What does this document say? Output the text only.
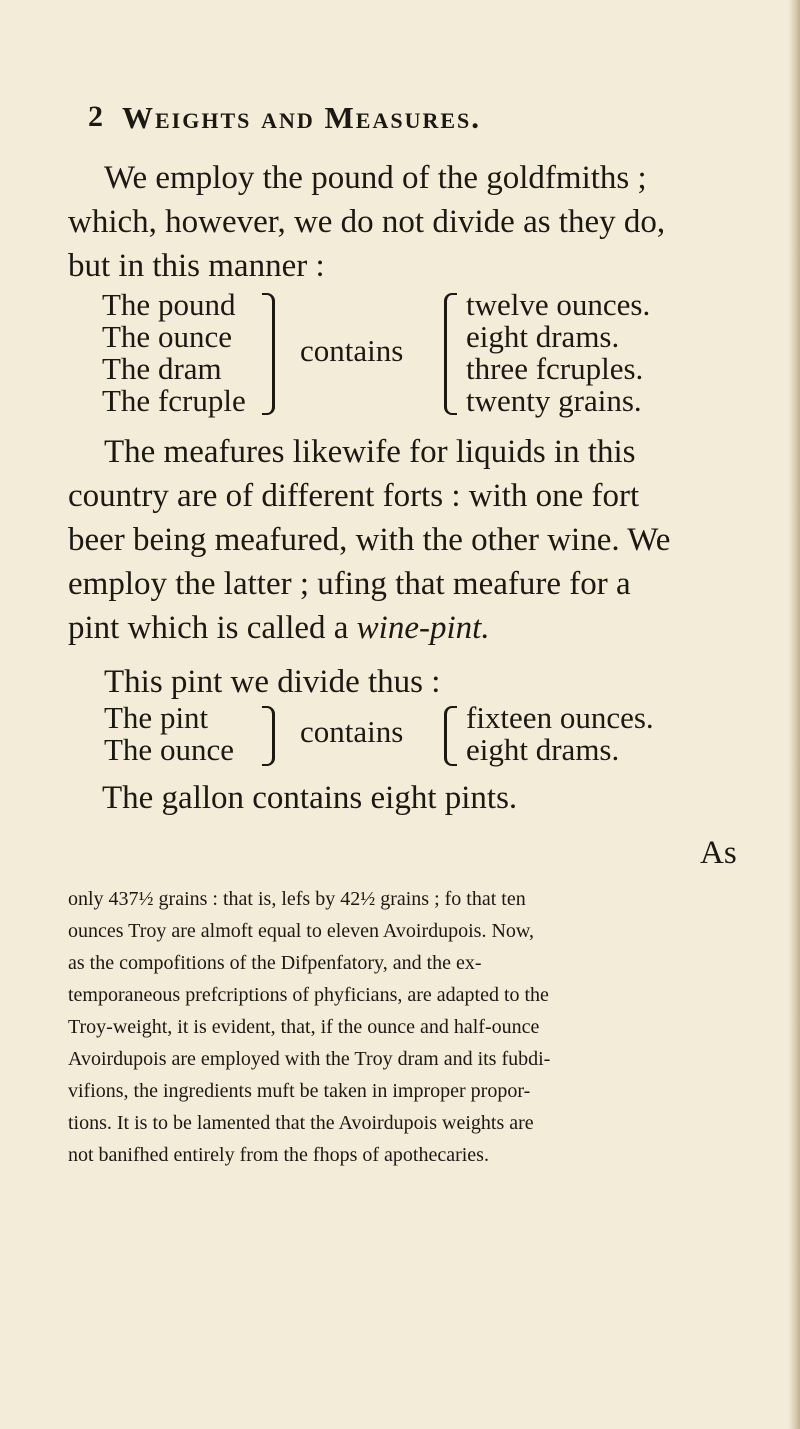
2 Weights and Measures.
We employ the pound of the goldfmiths ;
which, however, we do not divide as they do,
but in this manner :
The pound
The ounce
The dram
The fcruple
contains
twelve ounces.
eight drams.
three fcruples.
twenty grains.
The meafures likewife for liquids in this
country are of different forts : with one fort
beer being meafured, with the other wine. We
employ the latter ; ufing that meafure for a
pint which is called a wine-pint.
This pint we divide thus :
The pint
The ounce
contains fixteen ounces.
eight drams.
The gallon contains eight pints.
As
only 437½ grains : that is, lefs by 42½ grains ; fo that ten
ounces Troy are almoft equal to eleven Avoirdupois. Now,
as the compofitions of the Difpenfatory, and the ex-
temporaneous prefcriptions of phyficians, are adapted to the
Troy-weight, it is evident, that, if the ounce and half-ounce
Avoirdupois are employed with the Troy dram and its fubdi-
vifions, the ingredients muft be taken in improper propor-
tions. It is to be lamented that the Avoirdupois weights are
not banifhed entirely from the fhops of apothecaries.
